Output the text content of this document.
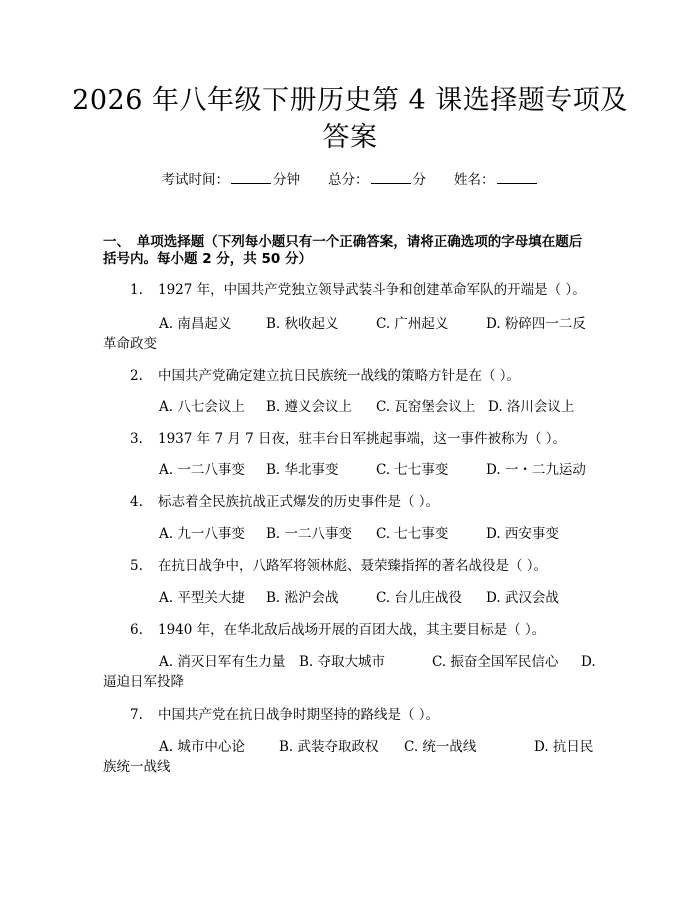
2026 年八年级下册历史第 4 课选择题专项及
答案
考试时间：	分钟 总分：	分 姓名：
一、　单项选择题（下列每小题只有一个正确答案，请将正确选项的字母填在题后
括号内。每小题 2 分，共 50 分）
1. 1927 年，中国共产党独立领导武装斗争和创建革命军队的开端是（ ）。
A. 南昌起义	B. 秋收起义	C. 广州起义	D. 粉碎四一二反
革命政变
2. 中国共产党确定建立抗日民族统一战线的策略方针是在（ ）。
A. 八七会议上 B. 遵义会议上 C. 瓦窑堡会议上 D. 洛川会议上
3. 1937 年 7 月 7 日夜，驻丰台日军挑起事端，这一事件被称为（ ）。
A. 一二八事变 B. 华北事变	C. 七七事变	D. 一・二九运动
4. 标志着全民族抗战正式爆发的历史事件是（ ）。
A. 九一八事变 B. 一二八事变 C. 七七事变	D. 西安事变
5. 在抗日战争中，八路军将领林彪、聂荣臻指挥的著名战役是（ ）。
A. 平型关大捷 B. 淞沪会战	C. 台儿庄战役 D. 武汉会战
6. 1940 年，在华北敌后战场开展的百团大战，其主要目标是（ ）。
A. 消灭日军有生力量 B. 夺取大城市	C. 振奋全国军民信心 D.
逼迫日军投降
7. 中国共产党在抗日战争时期坚持的路线是（ ）。
A. 城市中心论	B. 武装夺取政权 C. 统一战线	D. 抗日民
族统一战线
